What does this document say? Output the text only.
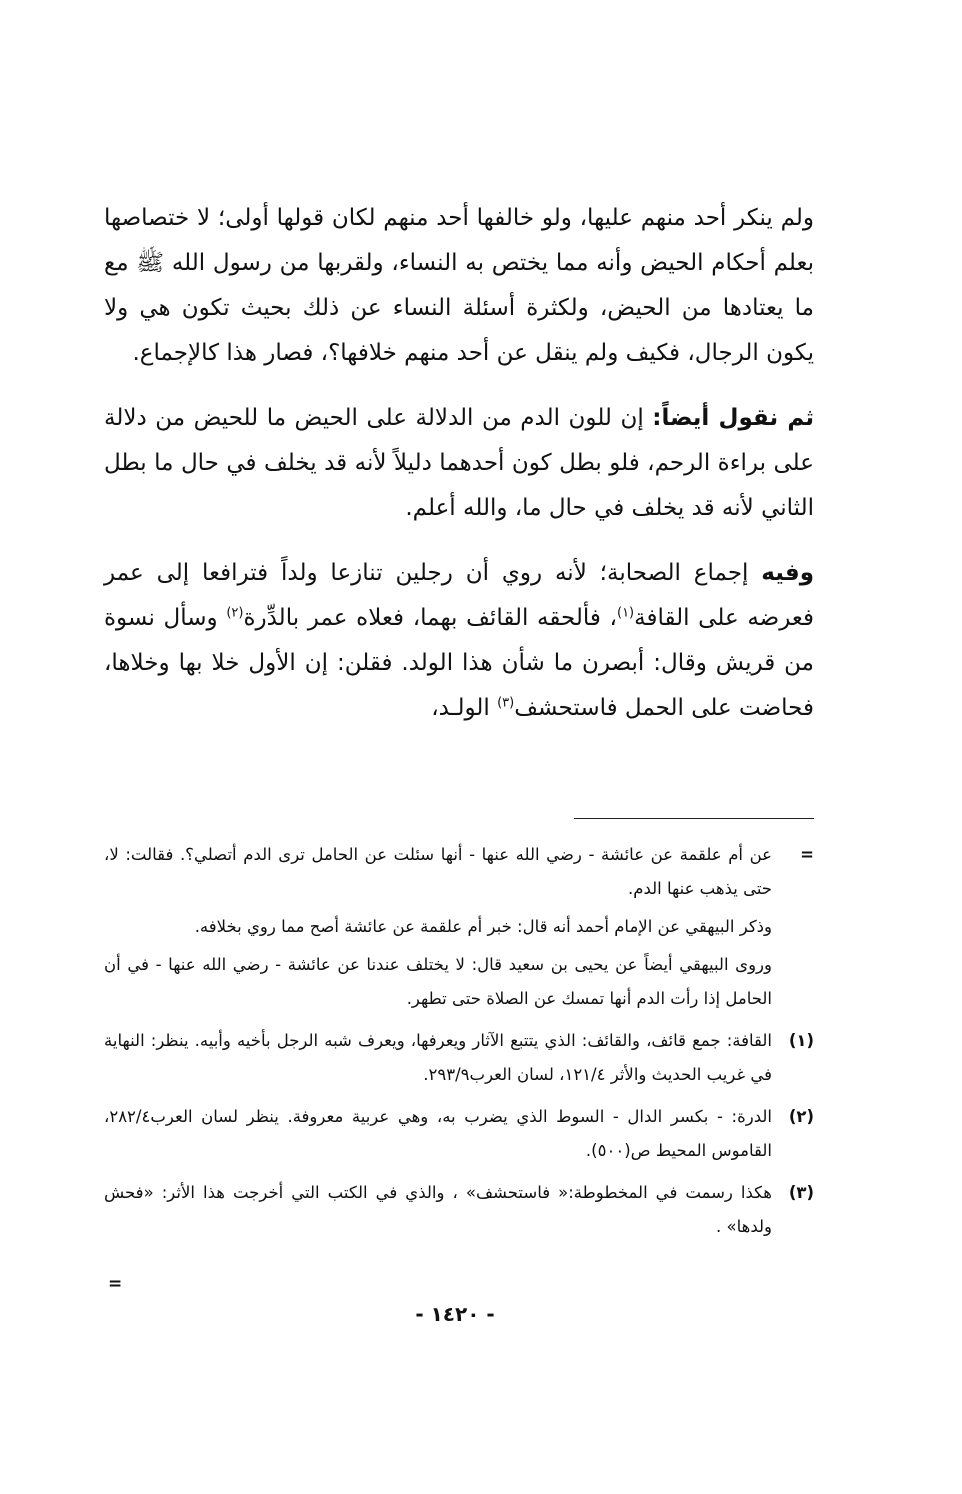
ولم ينكر أحد منهم عليها، ولو خالفها أحد منهم لكان قولها أولى؛ لا ختصاصها بعلم أحكام الحيض وأنه مما يختص به النساء، ولقربها من رسول الله ﷺ مع ما يعتادها من الحيض، ولكثرة أسئلة النساء عن ذلك بحيث تكون هي ولا يكون الرجال، فكيف ولم ينقل عن أحد منهم خلافها؟، فصار هذا كالإجماع.

ثم نقول أيضاً: إن للون الدم من الدلالة على الحيض ما للحيض من دلالة على براءة الرحم، فلو بطل كون أحدهما دليلاً لأنه قد يخلف في حال ما بطل الثاني لأنه قد يخلف في حال ما، والله أعلم.

وفيه إجماع الصحابة؛ لأنه روي أن رجلين تنازعا ولداً فترافعا إلى عمر فعرضه على القافة$^{(١)}$، فألحقه القائف بهما، فعلاه عمر بالدِّرة$^{(٢)}$ وسأل نسوة من قريش وقال: أبصرن ما شأن هذا الولد. فقلن: إن الأول خلا بها وخلاها، فحاضت على الحمل فاستحشف$^{(٣)}$ الولـد،

=
عن أم علقمة عن عائشة - رضي الله عنها - أنها سئلت عن الحامل ترى الدم أتصلي؟. فقالت: لا، حتى يذهب عنها الدم.
وذكر البيهقي عن الإمام أحمد أنه قال: خبر أم علقمة عن عائشة أصح مما روي بخلافه.
وروى البيهقي أيضاً عن يحيى بن سعيد قال: لا يختلف عندنا عن عائشة - رضي الله عنها - في أن الحامل إذا رأت الدم أنها تمسك عن الصلاة حتى تطهر.
(١)
القافة: جمع قائف، والقائف: الذي يتتبع الآثار ويعرفها، ويعرف شبه الرجل بأخيه وأبيه. ينظر: النهاية في غريب الحديث والأثر ١٢١/٤، لسان العرب٢٩٣/٩.
(٢)
الدرة: - بكسر الدال - السوط الذي يضرب به، وهي عربية معروفة. ينظر لسان العرب٢٨٢/٤، القاموس المحيط ص(٥٠٠).
(٣)
هكذا رسمت في المخطوطة:« فاستحشف» ، والذي في الكتب التي أخرجت هذا الأثر: «فحش ولدها» .
=
- ١٤٢٠ -
